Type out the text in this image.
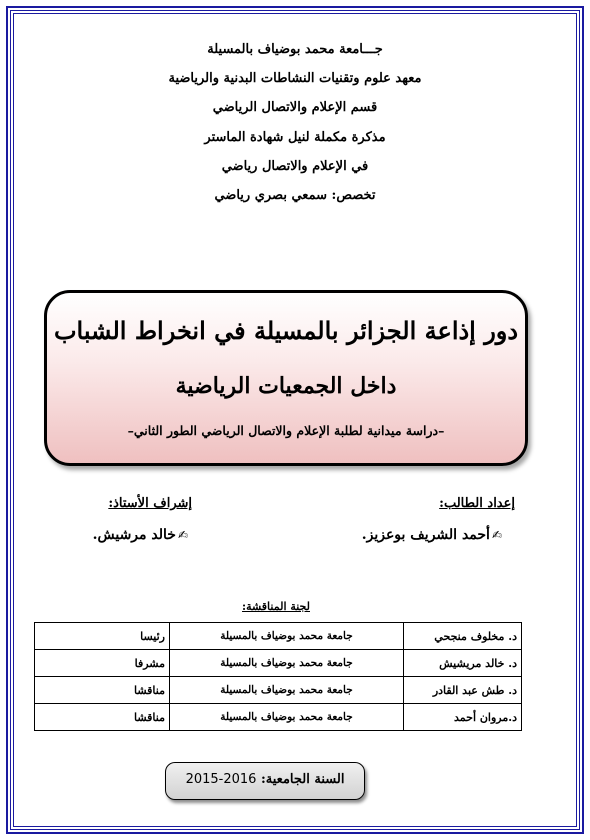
جـــامعة محمد بوضياف بالمسيلة
معهد علوم وتقنيات النشاطات البدنية والرياضية
قسم الإعلام والاتصال الرياضي
مذكرة مكملة لنيل شهادة الماستر
في الإعلام والاتصال رياضي
تخصص: سمعي بصري رياضي
دور إذاعة الجزائر بالمسيلة في انخراط الشباب
داخل الجمعيات الرياضية
–دراسة ميدانية لطلبة الإعلام والاتصال الرياضي الطور الثاني–
إعداد الطالب:
إشراف الأستاذ:
✍أحمد الشريف بوعزيز.
✍خالد مرشيش.
لجنة المناقشة:
د. مخلوف منجحي	جامعة محمد بوضياف بالمسيلة	رئيسا
د. خالد مريشيش	جامعة محمد بوضياف بالمسيلة	مشرفا
د. طش عبد القادر	جامعة محمد بوضياف بالمسيلة	مناقشا
د.مروان أحمد	جامعة محمد بوضياف بالمسيلة	مناقشا
السنة الجامعية: 2016-2015
